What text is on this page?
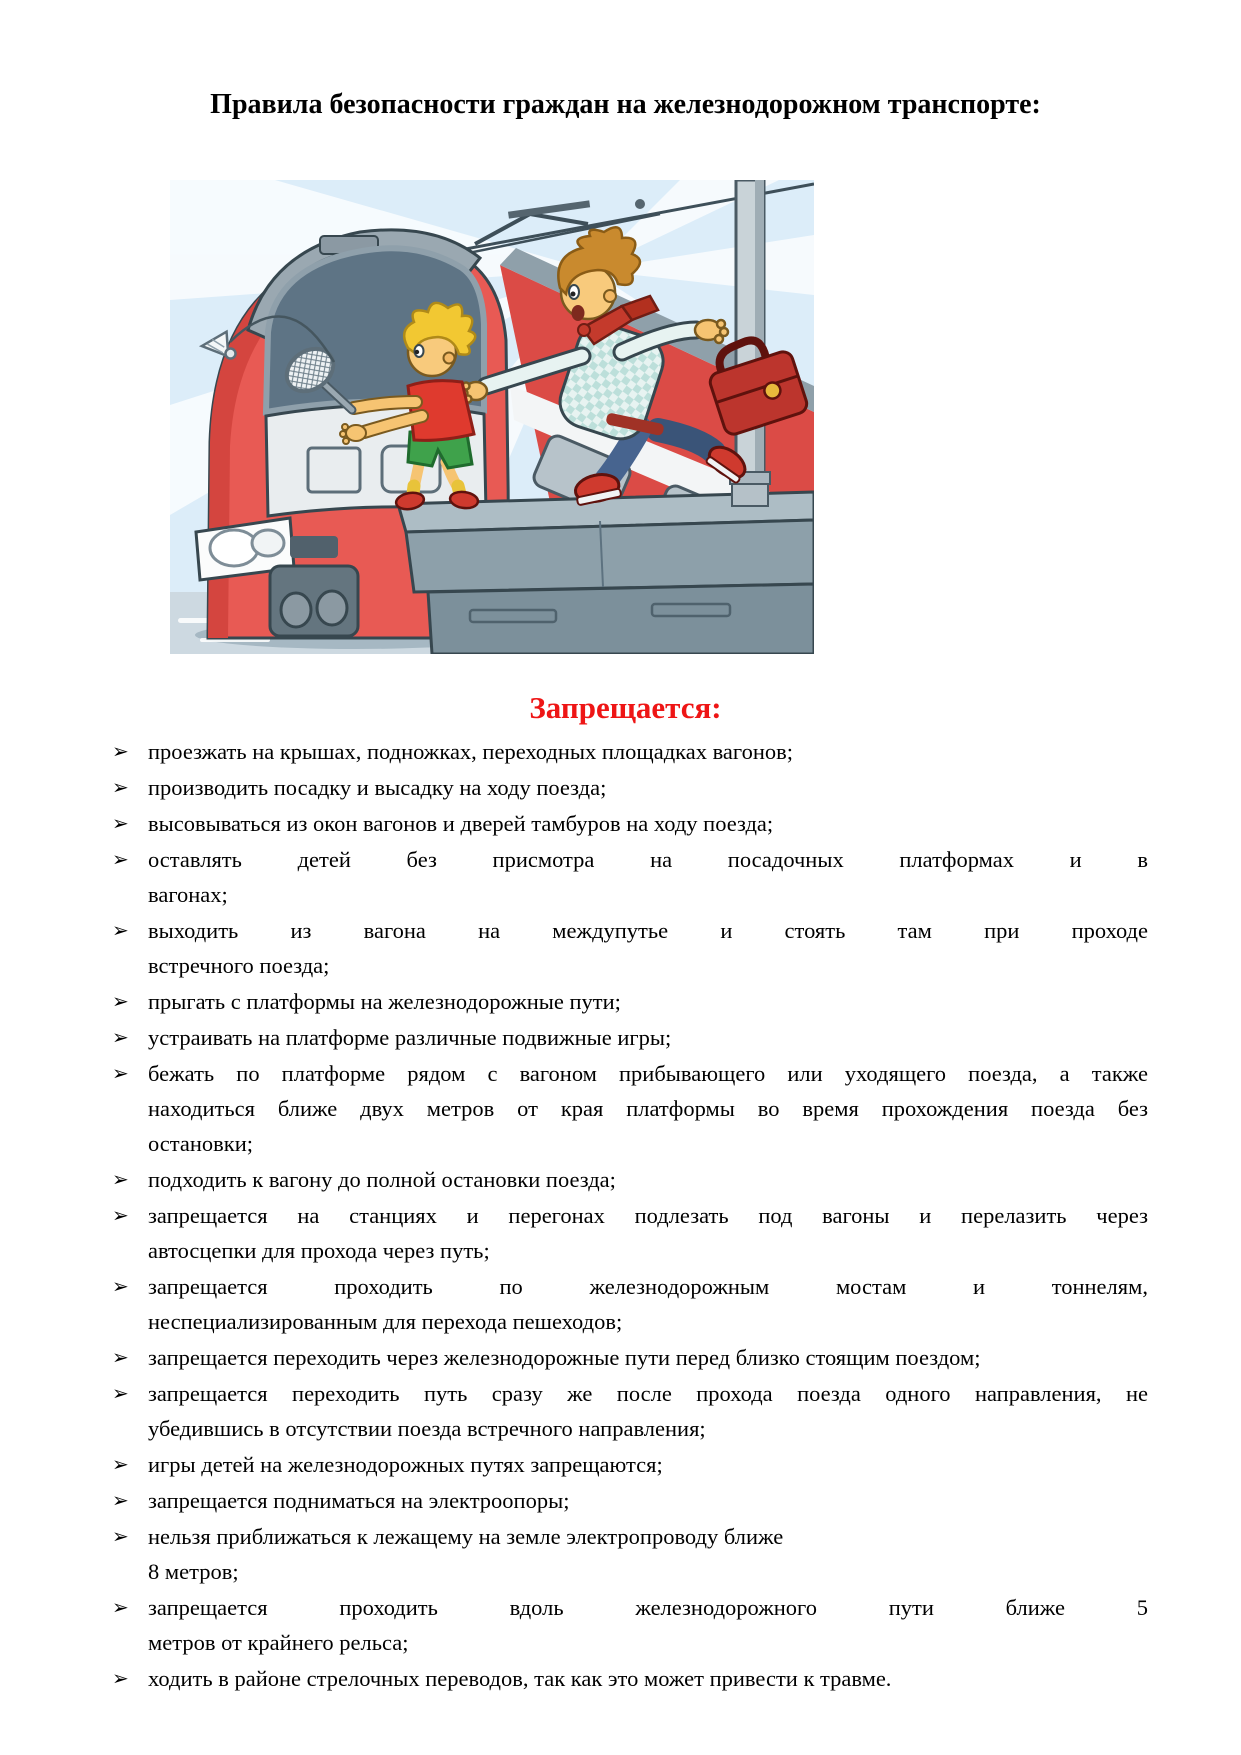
Правила безопасности граждан на железнодорожном транспорте:
Запрещается:
➢ проезжать на крышах, подножках, переходных площадках вагонов;
➢ производить посадку и высадку на ходу поезда;
➢ высовываться из окон вагонов и дверей тамбуров на ходу поезда;
➢ оставлять детей без присмотра на посадочных платформах и в
вагонах;
➢ выходить из вагона на междупутье и стоять там при проходе
встречного поезда;
➢ прыгать с платформы на железнодорожные пути;
➢ устраивать на платформе различные подвижные игры;
➢ бежать по платформе рядом с вагоном прибывающего или уходящего поезда, а также
находиться ближе двух метров от края платформы во время прохождения поезда без
остановки;
➢ подходить к вагону до полной остановки поезда;
➢ запрещается на станциях и перегонах подлезать под вагоны и перелазить через
автосцепки для прохода через путь;
➢ запрещается проходить по железнодорожным мостам и тоннелям,
неспециализированным для перехода пешеходов;
➢ запрещается переходить через железнодорожные пути перед близко стоящим поездом;
➢ запрещается переходить путь сразу же после прохода поезда одного направления, не
убедившись в отсутствии поезда встречного направления;
➢ игры детей на железнодорожных путях запрещаются;
➢ запрещается подниматься на электроопоры;
➢ нельзя приближаться к лежащему на земле электропроводу ближе
8 метров;
➢ запрещается проходить вдоль железнодорожного пути ближе 5
метров от крайнего рельса;
➢ ходить в районе стрелочных переводов, так как это может привести к травме.
